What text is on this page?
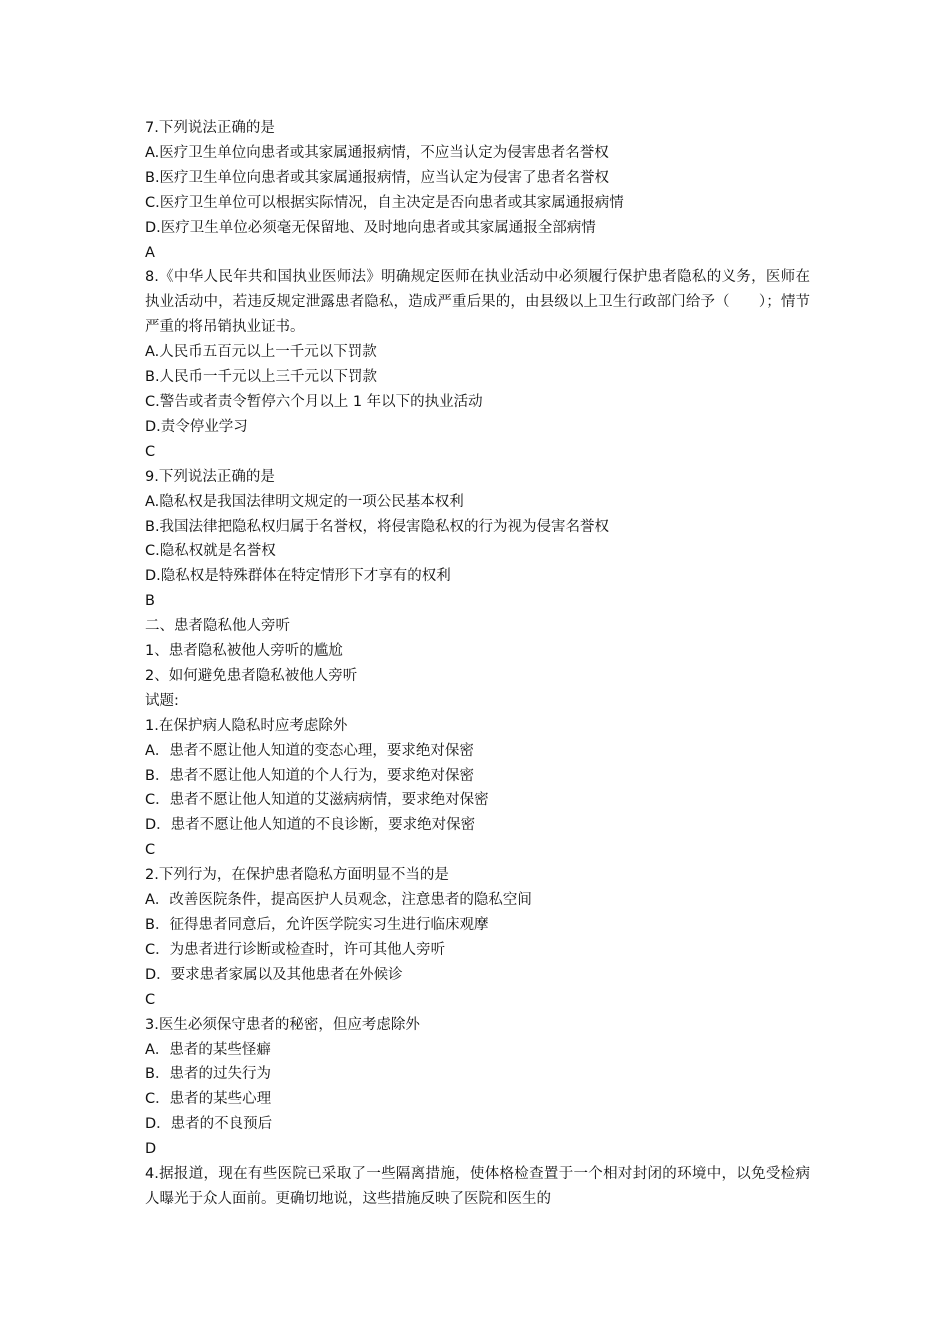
7.下列说法正确的是
A.医疗卫生单位向患者或其家属通报病情，不应当认定为侵害患者名誉权
B.医疗卫生单位向患者或其家属通报病情，应当认定为侵害了患者名誉权
C.医疗卫生单位可以根据实际情况，自主决定是否向患者或其家属通报病情
D.医疗卫生单位必须毫无保留地、及时地向患者或其家属通报全部病情
A
8.《中华人民年共和国执业医师法》明确规定医师在执业活动中必须履行保护患者隐私的义务，医师在执业活动中，若违反规定泄露患者隐私，造成严重后果的，由县级以上卫生行政部门给予（　　）；情节严重的将吊销执业证书。
A.人民币五百元以上一千元以下罚款
B.人民币一千元以上三千元以下罚款
C.警告或者责令暂停六个月以上 1 年以下的执业活动
D.责令停业学习
C
9.下列说法正确的是
A.隐私权是我国法律明文规定的一项公民基本权利
B.我国法律把隐私权归属于名誉权，将侵害隐私权的行为视为侵害名誉权
C.隐私权就是名誉权
D.隐私权是特殊群体在特定情形下才享有的权利
B
二、患者隐私他人旁听
1、患者隐私被他人旁听的尴尬
2、如何避免患者隐私被他人旁听
试题:
1.在保护病人隐私时应考虑除外
A．患者不愿让他人知道的变态心理，要求绝对保密
B．患者不愿让他人知道的个人行为，要求绝对保密
C．患者不愿让他人知道的艾滋病病情，要求绝对保密
D．患者不愿让他人知道的不良诊断，要求绝对保密
C
2.下列行为，在保护患者隐私方面明显不当的是
A．改善医院条件，提高医护人员观念，注意患者的隐私空间
B．征得患者同意后，允许医学院实习生进行临床观摩
C．为患者进行诊断或检查时，许可其他人旁听
D．要求患者家属以及其他患者在外候诊
C
3.医生必须保守患者的秘密，但应考虑除外
A．患者的某些怪癖
B．患者的过失行为
C．患者的某些心理
D．患者的不良预后
D
4.据报道，现在有些医院已采取了一些隔离措施，使体格检查置于一个相对封闭的环境中，以免受检病人曝光于众人面前。更确切地说，这些措施反映了医院和医生的
